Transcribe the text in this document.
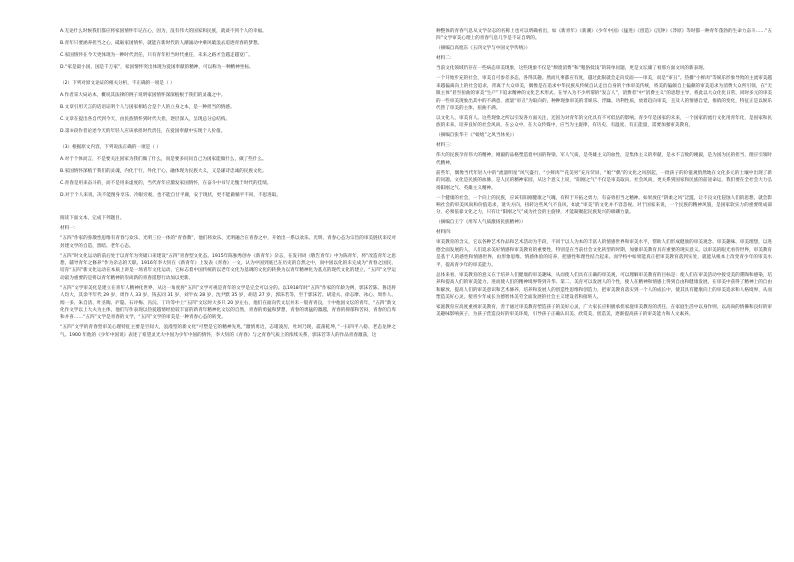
A.无论什么时候我们都应将家国情怀牢记在心，因为，没有伟大的国家和民族，就谈不到个人的幸福。

B.青年只要涵养担当之心，砥砺家国情怀，就能在新时代的人潮涌动中乘风破浪去追逐青春的梦想。

C.家国情怀在今天更体现为一种时代责任，只有青年担当时代重任，未来之路才会越走越宽广。

D.“家是最小国，国是千万家”，家国情怀突出体现为爱国奉献的精神，可以称为一种精神坐标。

（2）下列对原文论证的相关分析，不正确的一项是（ ）

A.作者采大局站本，概说其法律的例子说明家国情怀深深植根于我们的灵魂之中。

B.文章引用天言的话语证明个人与国家相结合是个人的立身之本，是一种担当的情感。

C.文章在提出各自代到今天，由民族情怀到时代大担，逐层深入，呈现总分总结构。

D.第⑤段作者论述今天的年轻人应该承担时代责任，在爱国奉献中实现个人价值。

（3）根据原文内容，下列说法正确的一项是（ ）

A.对于个体而言，不是要关注国家为我们做了什么，而是要多问问自己为国家能做什么，做了些什么。

B.家国情怀深植于我们的灵魂，内化于行，外化于心，融体现为民族大义，又是谦诗忠诚的民族文化。

C.青春是用来奋斗的，而不是用来虚度的，当代青年应激发家国情怀，在奋斗中书写无愧于时代的佳绩。

D.对于个人来说，决不能图身享乐、冷眼旁观，也不能自甘平庸，安于现状，更不能做躺平不同，不思进取。

阅读下面文本，完成下列题目。

材料一：

“五四”作家的弥散性思维有青春与欢乐、光明三位一体的“青春教”，他们将欢乐、光明融合在青春之中，开始出一系以欢乐、光明、青春心态为宗旨的审美链状来反对封建文学的自造、黑暗、老年心态。

“五四”时文化运动的前后处于以青年为突破口来建设“五四”青春型文化态。1915年陈独秀创办《新青年》杂志，在发刊词《敬告青年》中为陈青年，将“改造青年之思想，辅导青年之修养”作为杂志的天职。1916年李大钊在《新青年》上发表《青春》一文，认为中国到底已在历史的自然之中，而中国以化的未完成为“青春之国民，培育“五四”新文化运动在本质上讲是一场青年文化运动，它标志着中国传统的以老年文化为基调的文化的转换为以青年精神化为基点的现代文化的建立，“五四”文学运动最为重要的是将以青年精神的崇尚新的青春遥想行动加以更新。

“五四”文学审美化是建立在青年人精神化世界，从这一角度将“五四”文学可视是青年的文学是完全可以分的。以1918年时“五四”作家的年龄为例，郭沫若陈、鲁迅将人均大，其余半年代 29 岁，周作人 33 岁，钱玄同 31 岁，刘半农 28 岁，沈尹默 35 岁，胡适 27 岁，郭沫若等，至于郭沫若、胡适夫、徐志摩、冰心、周作人、闻一多、朱自清、叶圣陶、庐隐、石评梅、冯沅、丁玲等中上“五四”文坛时大多只 20 岁左右，他们在面向代文坛并未一般青青良，十中他国文坛的青年，“五四”新文化作文学以上大夫为主体，他们写作表现以热爱越情经验较丰富的新青年精神化文坛的自然，青春的勇猛和梦想，青春的勇猛的激越，青春的抑郁和苦闷，青春的自卑和并喜……“五四”文学是青春的文学，“五四”文学的审美是一种青春心态的转变。

“五四”文学的青春型审美心理特征主要是空间大，浪漫型的新文化“可塑是它的精神先兆，”激情勇迈，志堵凌厉，吐珂乃现，震荡乾坤，”一扫四平八稳、老态龙钟之气。1900 年他的《少年中国说》表述了希望灵光大中国为少年中国的情怀，李大钊的《青春》与之青春气质上的浓续关系，郭沫若等人的作品青春激荡，这

种整体的青春气息从文学杂志的名称上也可以明确看出，如《新青年》《新潮》《少年中国》《猛进》《创造》《沉钟》《莽原》等时都一种青年蓬勃的生命力奋斗……“五四”文学审美心理上的青春气息几乎是不证自明的。

（摘编自高旭东《五四文学与中国文学传统》）

材料二：

当前文化领域仍存在一些病态审美现象，这些现象不仅是“颓废消费”和“粗俗低浅”的简单问题，更是文坛庸了看那方面文风的新表现。

一个开始步充的社会，审美自可参差多态，各得其趣。然而凡事都应有度，越过此限就会走向反面——审美，而是“审丑”。热播“小鲜肉”等娱乐形象导致的主流审美越来越偏离向上的社会追求，背离于大众审美，偶像是在追求中华民族从传统自认走出自身的个体审美传统，将美的偏颇自上偏颇的审美追求为消费大众所引领，在“无限主体”甚至扭曲的审美“生产”下追求精神的文化艺术形式，在导入为不少所谓的“发言人”，消费者”中“消费主义”的思想主导，将此以大众化化日常，同时多元的审美的一些审美现象出其中的不满意，流量“审丑”为取向的，种种现象审美的非娱乐、浮躁、功利性质，放着趋向审美，且及人的情感自觉，推销的变化，特征正是以娱乐代替了审美的主体，扭曲不满。

以文化人，审美育人。这些现象之所以引发各方面关注，还因为对青年的文化具有不可低估的影响。青少年是国家的未来，一个国家的流行文化用青年化，是国家和民族的未来，培养良好的社会风尚，在公众中，在大众传媒中，应当为主旋律，有历史、有温度、有正能量，需要加强审美教育。

（摘编自张华干《“娘炮”之风当休矣》）

材料三：

伟大的民族孕育伟大的精神，刚毅的品格塑造着中国的脊梁。军人气质，是英雄主义的血性，是集体主义的奉献，是永不言败的刚毅，是为国为民的担当，理应引领时代精神。

前些年，偶像当代年轻人中的“流量明星”风气盛行，“小鲜肉”“花美男”充斥荧屏，“娘”“偶”的文化之风刮起，一批孩子的价值观悄然地在文化多元的土壤中出现了新的问题。文化是民族的血脉，是人民的精神家园，从这个意义上说，“阳刚之气”不仅是审美取向、社会风尚，更关系到国家和民族的前途命运，我们要在全社会大力弘扬阳刚之气、英雄主义精神。

一个健康的社会，一个向上的民族，应该有阳刚健康之气魄，有积于开拓之勇力，有奋勇担当之精神。如果放任“阴柔之风”泛滥，让不良文化侵蚀人们的思想，就会影响社会的审美风尚和价值追求，迷失方向，扭转这些风气不良风，如此“审美”的文化并不容忽视。对于国家来说，一个民族的精神风貌，是国家软实力的重要组成部分，必须依靠文化之力，只有让“阳刚之气”成为社会的主旋律，才能凝聚起民族复兴的磅礴力量。

（摘编自王宁《用军人气质激扬民族精神》）

材料四：

审美教育的含义，它以各种艺术作品和艺术活动为手段，不同于以人为本的丰富人的情感世界和审美水平，帮助人们形成健康的审美观念、审美趣味、审美理想，以进德全面发展的人，人们追求美好情感和审美教育的重要性，特别是在当前社会文化转型的时期，加强审美教育具有重要的现实意义。以审美的眼光看待世界，审美教育是基于人的感性和情感世界，由形象思维、情感体验的培养，把感性和理性结合起来。而学校中如果能真正把审美教育落到实处，就能从根本上改变青少年的审美水平，提高青少年的审美能力。

总体来看，审美教育的意义在于培养人们健康的审美趣味，从而使人们具有正确的审美观，可以理解审美教育的目标是：使人们在审美活动中接受美的熏陶和感染，培养和提高人们的审美能力，进而使人们的精神境界得到升华。第二，美育可以发展人的个性，使人在精神和情感上得到自由和健康发展，在审美中获得了精神上的自由和解放，提高人们的审美意识和艺术修养，培养和发展人的创造性思维和创造力，把审美教育落实到一个人的成长中，使其具有健康向上的审美追求和人格境界，从而塑造美好心灵，使青少年成长为德智体美劳全面发展的社会主义建设者和接班人。

家庭教育应高度重视审美教育，善于通过审美教育塑造孩子的美好心灵，广大家长应积极承担家庭审美教育的责任，在家庭生活中以身作则，以高尚的情操和良好的审美趣味影响孩子，为孩子营造良好的审美环境，引导孩子正确认识美、欣赏美、创造美，逐渐提高孩子的审美能力和人文素养。
